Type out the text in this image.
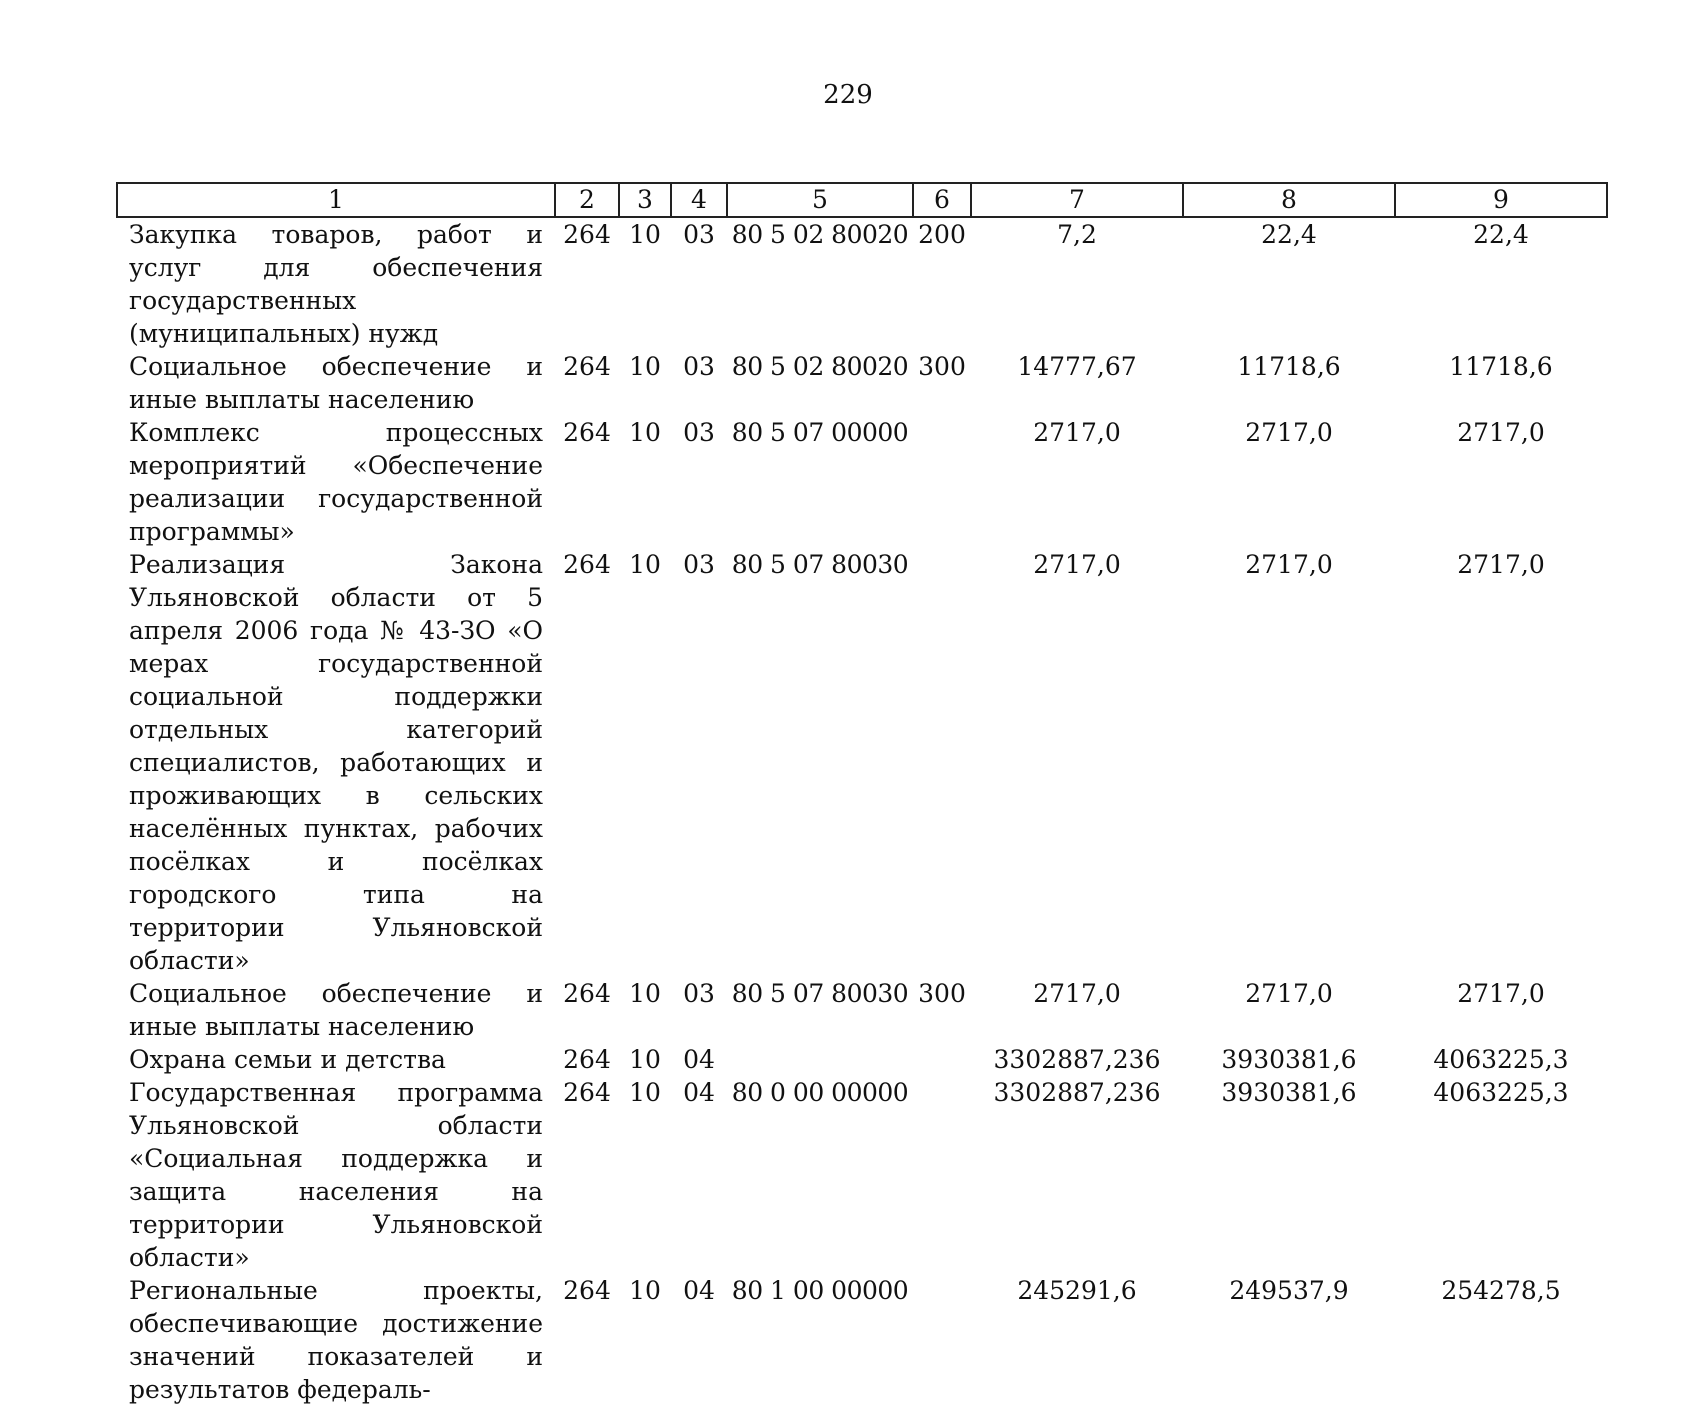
229
1	2	3	4	5	6	7	8	9
Закупка товаров, работ и услуг для обеспечения государственных (муниципальных) нужд	264	10	03	80 5 02 80020	200	7,2	22,4	22,4
Социальное обеспечение и иные выплаты населению	264	10	03	80 5 02 80020	300	14777,67	11718,6	11718,6
Комплекс процессных мероприятий «Обеспечение реализации государственной программы»	264	10	03	80 5 07 00000		2717,0	2717,0	2717,0
Реализация Закона Ульяновской области от 5 апреля 2006 года № 43-ЗО «О мерах государственной социальной поддержки отдельных категорий специалистов, работающих и проживающих в сельских населённых пунктах, рабочих посёлках и посёлках городского типа на территории Ульяновской области»	264	10	03	80 5 07 80030		2717,0	2717,0	2717,0
Социальное обеспечение и иные выплаты населению	264	10	03	80 5 07 80030	300	2717,0	2717,0	2717,0
Охрана семьи и детства	264	10	04			3302887,236	3930381,6	4063225,3
Государственная программа Ульяновской области «Социальная поддержка и защита населения на территории Ульяновской области»	264	10	04	80 0 00 00000		3302887,236	3930381,6	4063225,3
Региональные проекты, обеспечивающие достижение значений показателей и результатов федераль-	264	10	04	80 1 00 00000		245291,6	249537,9	254278,5
